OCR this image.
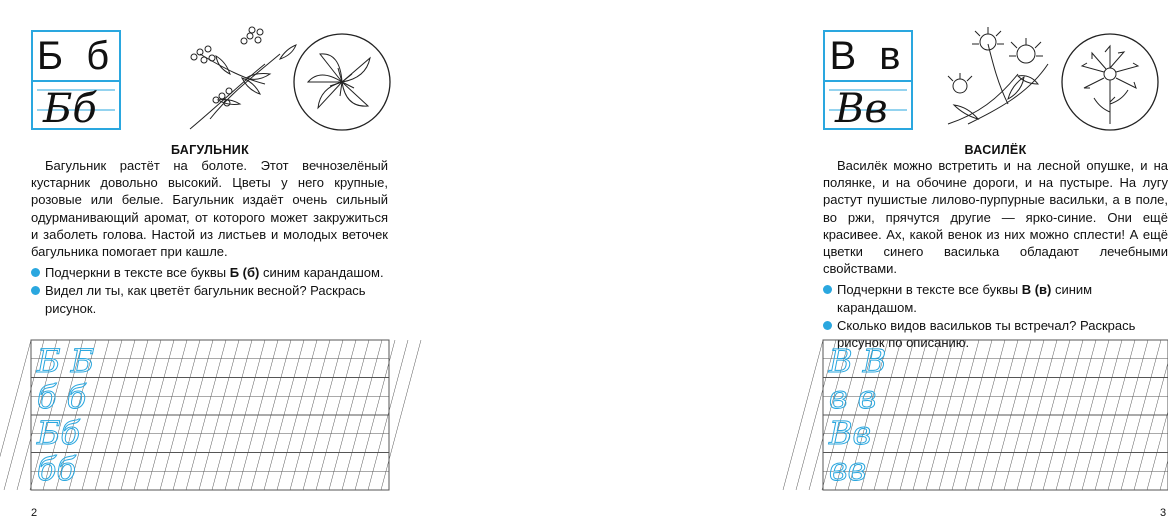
Б б
Бб
БАГУЛЬНИК
Багульник растёт на болоте. Этот вечнозелёный кустарник довольно высокий. Цветы у него крупные, розовые или белые. Багульник издаёт очень сильный одурманивающий аромат, от которого может закружиться и заболеть голова. Настой из листьев и молодых веточек багульника помогает при кашле.
Подчеркни в тексте все буквы Б (б) синим карандашом.
Видел ли ты, как цветёт багульник весной? Раскрась рисунок.
Б Б
б б
Бб
бб
2
В в
Вв
ВАСИЛЁК
Василёк можно встретить и на лесной опушке, и на полянке, и на обочине дороги, и на пустыре. На лугу растут пушистые лилово-пурпурные васильки, а в поле, во ржи, прячутся другие — ярко-синие. Они ещё красивее. Ах, какой венок из них можно сплести! А ещё цветки синего василька обладают лечебными свойствами.
Подчеркни в тексте все буквы В (в) синим карандашом.
Сколько видов васильков ты встречал? Раскрась рисунок по описанию.
В В
в в
Вв
вв
3
